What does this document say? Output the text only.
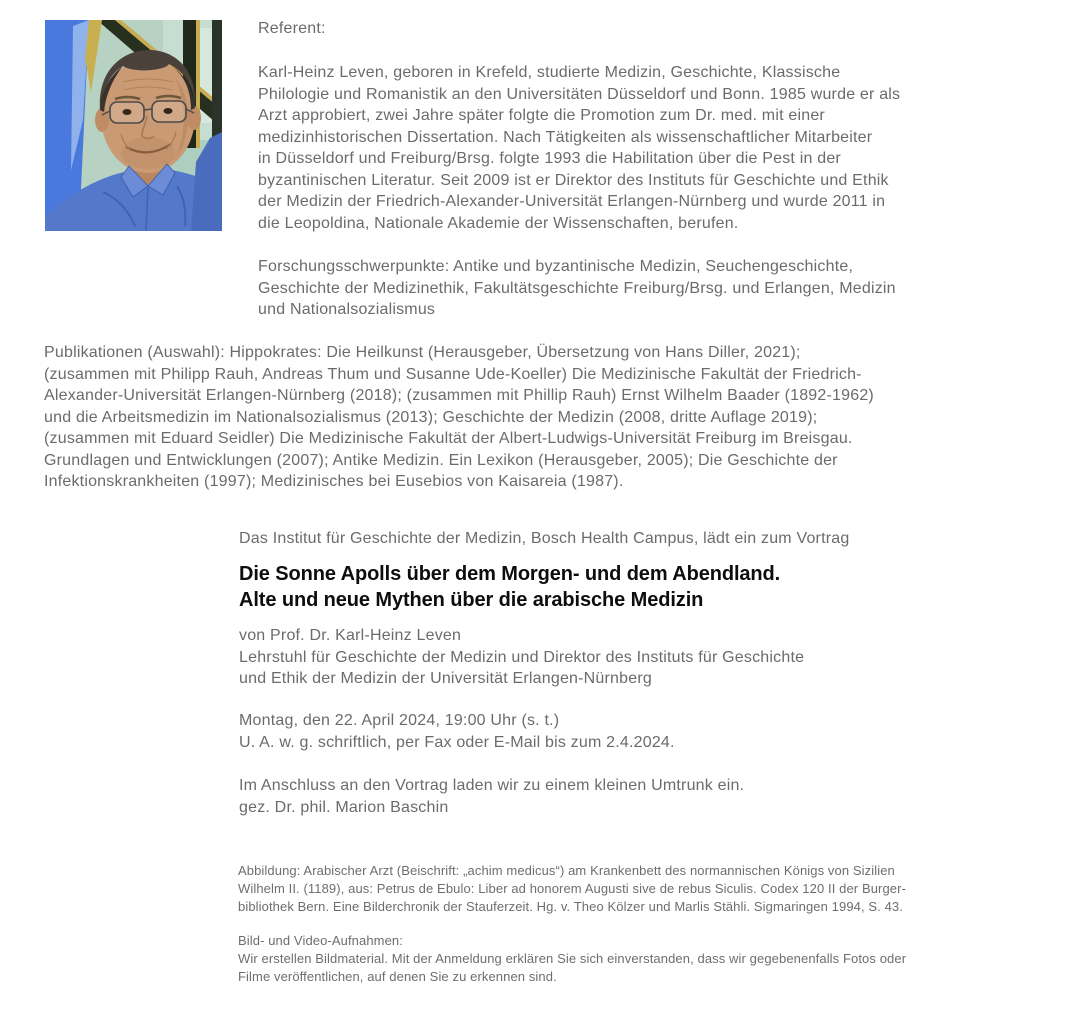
Referent:
Karl-Heinz Leven, geboren in Krefeld, studierte Medizin, Geschichte, Klassische
Philologie und Romanistik an den Universitäten Düsseldorf und Bonn. 1985 wurde er als
Arzt approbiert, zwei Jahre später folgte die Promotion zum Dr. med. mit einer
medizinhistorischen Dissertation. Nach Tätigkeiten als wissenschaftlicher Mitarbeiter
in Düsseldorf und Freiburg/Brsg. folgte 1993 die Habilitation über die Pest in der
byzantinischen Literatur. Seit 2009 ist er Direktor des Instituts für Geschichte und Ethik
der Medizin der Friedrich-Alexander-Universität Erlangen-Nürnberg und wurde 2011 in
die Leopoldina, Nationale Akademie der Wissenschaften, berufen.
Forschungsschwerpunkte: Antike und byzantinische Medizin, Seuchengeschichte,
Geschichte der Medizinethik, Fakultätsgeschichte Freiburg/Brsg. und Erlangen, Medizin
und Nationalsozialismus
Publikationen (Auswahl): Hippokrates: Die Heilkunst (Herausgeber, Übersetzung von Hans Diller, 2021);
(zusammen mit Philipp Rauh, Andreas Thum und Susanne Ude-Koeller) Die Medizinische Fakultät der Friedrich-
Alexander-Universität Erlangen-Nürnberg (2018); (zusammen mit Phillip Rauh) Ernst Wilhelm Baader (1892-1962)
und die Arbeitsmedizin im Nationalsozialismus (2013); Geschichte der Medizin (2008, dritte Auflage 2019);
(zusammen mit Eduard Seidler) Die Medizinische Fakultät der Albert-Ludwigs-Universität Freiburg im Breisgau.
Grundlagen und Entwicklungen (2007); Antike Medizin. Ein Lexikon (Herausgeber, 2005); Die Geschichte der
Infektionskrankheiten (1997); Medizinisches bei Eusebios von Kaisareia (1987).
Das Institut für Geschichte der Medizin, Bosch Health Campus, lädt ein zum Vortrag
Die Sonne Apolls über dem Morgen- und dem Abendland.
Alte und neue Mythen über die arabische Medizin
von Prof. Dr. Karl-Heinz Leven
Lehrstuhl für Geschichte der Medizin und Direktor des Instituts für Geschichte
und Ethik der Medizin der Universität Erlangen-Nürnberg
Montag, den 22. April 2024, 19:00 Uhr (s. t.)
U. A. w. g. schriftlich, per Fax oder E-Mail bis zum 2.4.2024.
Im Anschluss an den Vortrag laden wir zu einem kleinen Umtrunk ein.
gez. Dr. phil. Marion Baschin
Abbildung: Arabischer Arzt (Beischrift: „achim medicus“) am Krankenbett des normannischen Königs von Sizilien
Wilhelm II. (1189), aus: Petrus de Ebulo: Liber ad honorem Augusti sive de rebus Siculis. Codex 120 II der Burger-
bibliothek Bern. Eine Bilderchronik der Stauferzeit. Hg. v. Theo Kölzer und Marlis Stähli. Sigmaringen 1994, S. 43.
Bild- und Video-Aufnahmen:
Wir erstellen Bildmaterial. Mit der Anmeldung erklären Sie sich einverstanden, dass wir gegebenenfalls Fotos oder
Filme veröffentlichen, auf denen Sie zu erkennen sind.
